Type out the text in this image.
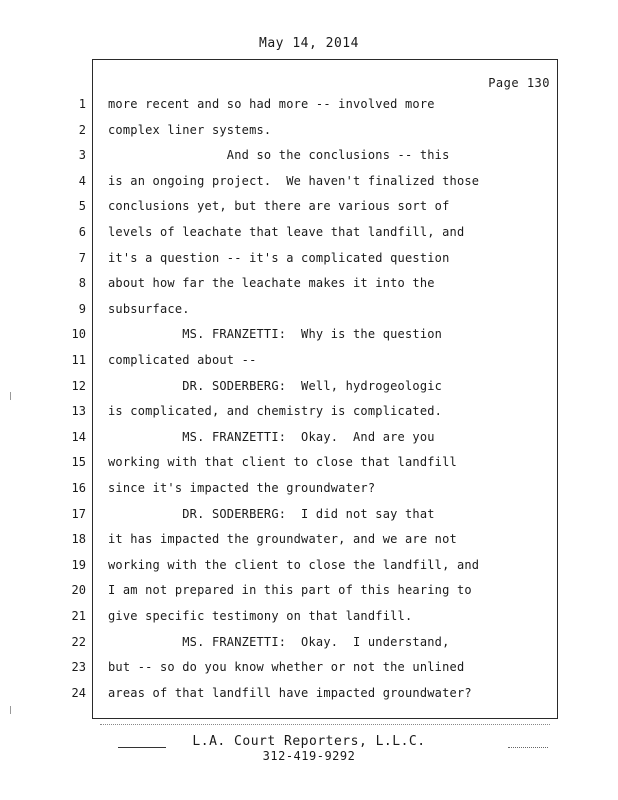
May 14, 2014
Page 130
1 more recent and so had more -- involved more
2 complex liner systems.
3 And so the conclusions -- this
4 is an ongoing project.  We haven't finalized those
5 conclusions yet, but there are various sort of
6 levels of leachate that leave that landfill, and
7 it's a question -- it's a complicated question
8 about how far the leachate makes it into the
9 subsurface.
10 MS. FRANZETTI:  Why is the question
11 complicated about --
12 DR. SODERBERG:  Well, hydrogeologic
13 is complicated, and chemistry is complicated.
14 MS. FRANZETTI:  Okay.  And are you
15 working with that client to close that landfill
16 since it's impacted the groundwater?
17 DR. SODERBERG:  I did not say that
18 it has impacted the groundwater, and we are not
19 working with the client to close the landfill, and
20 I am not prepared in this part of this hearing to
21 give specific testimony on that landfill.
22 MS. FRANZETTI:  Okay.  I understand,
23 but -- so do you know whether or not the unlined
24 areas of that landfill have impacted groundwater?
L.A. Court Reporters, L.L.C.
312-419-9292
